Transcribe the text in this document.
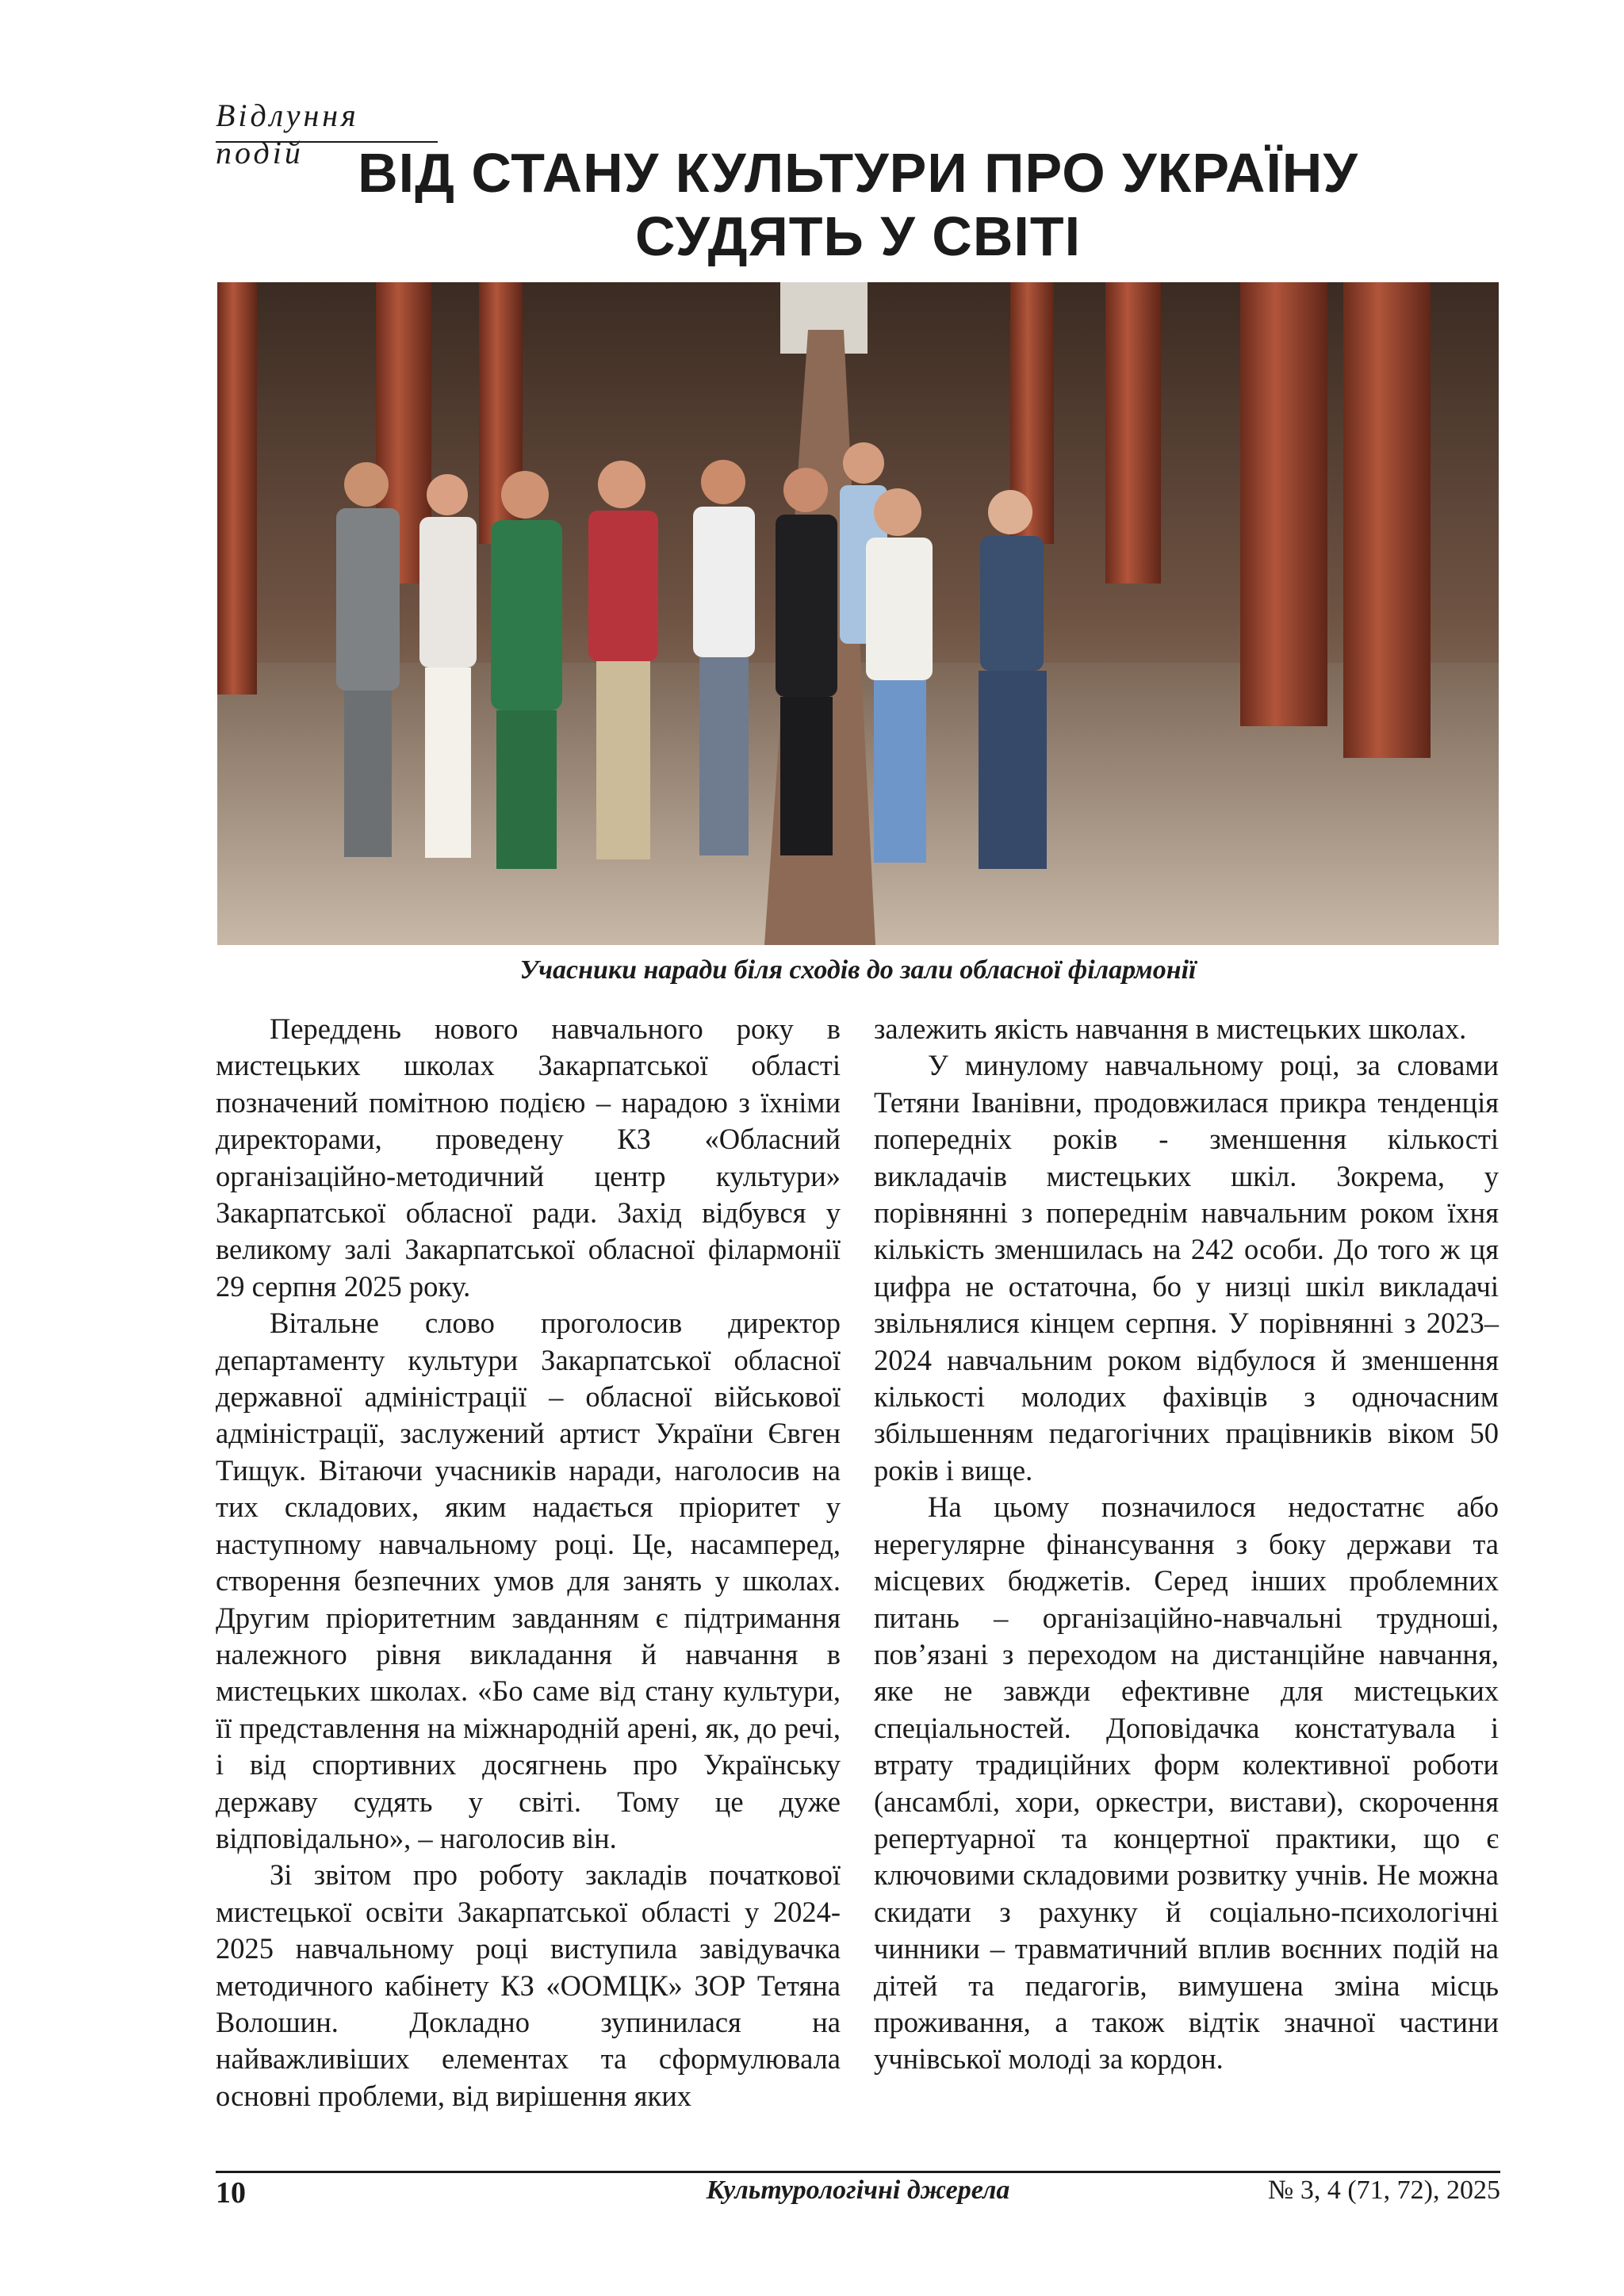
Відлуння подій ВІД СТАНУ КУЛЬТУРИ ПРО УКРАЇНУ
СУДЯТЬ У СВІТІ
Учасники наради біля сходів до зали обласної філармонії

Переддень нового навчального року в мистецьких школах Закарпатської області позначений помітною подією – нарадою з їхніми директорами, проведену КЗ «Обласний організаційно-методичний центр культури» Закарпатської обласної ради. Захід відбувся у великому залі Закарпатської обласної філармонії 29 серпня 2025 року.

Вітальне слово проголосив директор департаменту культури Закарпатської обласної державної адміністрації – обласної військової адміністрації, заслужений артист України Євген Тищук. Вітаючи учасників наради, наголосив на тих складових, яким надається пріоритет у наступному навчальному році. Це, насамперед, створення безпечних умов для занять у школах. Другим пріоритетним завданням є підтримання належного рівня викладання й навчання в мистецьких школах. «Бо саме від стану культури, її представлення на міжнародній арені, як, до речі, і від спортивних досягнень про Українську державу судять у світі. Тому це дуже відповідально», – наголосив він.

Зі звітом про роботу закладів початкової мистецької освіти Закарпатської області у 2024-2025 навчальному році виступила завідувачка методичного кабінету КЗ «ООМЦК» ЗОР Тетяна Волошин. Докладно зупинилася на найважливіших елементах та сформулювала основні проблеми, від вирішення яких

залежить якість навчання в мистецьких школах.

У минулому навчальному році, за словами Тетяни Іванівни, продовжилася прикра тенденція попередніх років - зменшення кількості викладачів мистецьких шкіл. Зокрема, у порівнянні з попереднім навчальним роком їхня кількість зменшилась на 242 особи. До того ж ця цифра не остаточна, бо у низці шкіл викладачі звільнялися кінцем серпня. У порівнянні з 2023–2024 навчальним роком відбулося й зменшення кількості молодих фахівців з одночасним збільшенням педагогічних працівників віком 50 років і вище.

На цьому позначилося недостатнє або нерегулярне фінансування з боку держави та місцевих бюджетів. Серед інших проблемних питань – організаційно-навчальні трудноші, пов’язані з переходом на дистанційне навчання, яке не завжди ефективне для мистецьких спеціальностей. Доповідачка констатувала і втрату традиційних форм колективної роботи (ансамблі, хори, оркестри, вистави), скорочення репертуарної та концертної практики, що є ключовими складовими розвитку учнів. Не можна скидати з рахунку й соціально-психологічні чинники – травматичний вплив воєнних подій на дітей та педагогів, вимушена зміна місць проживання, а також відтік значної частини учнівської молоді за кордон.

10	Культурологічні джерела	№ 3, 4 (71, 72), 2025
